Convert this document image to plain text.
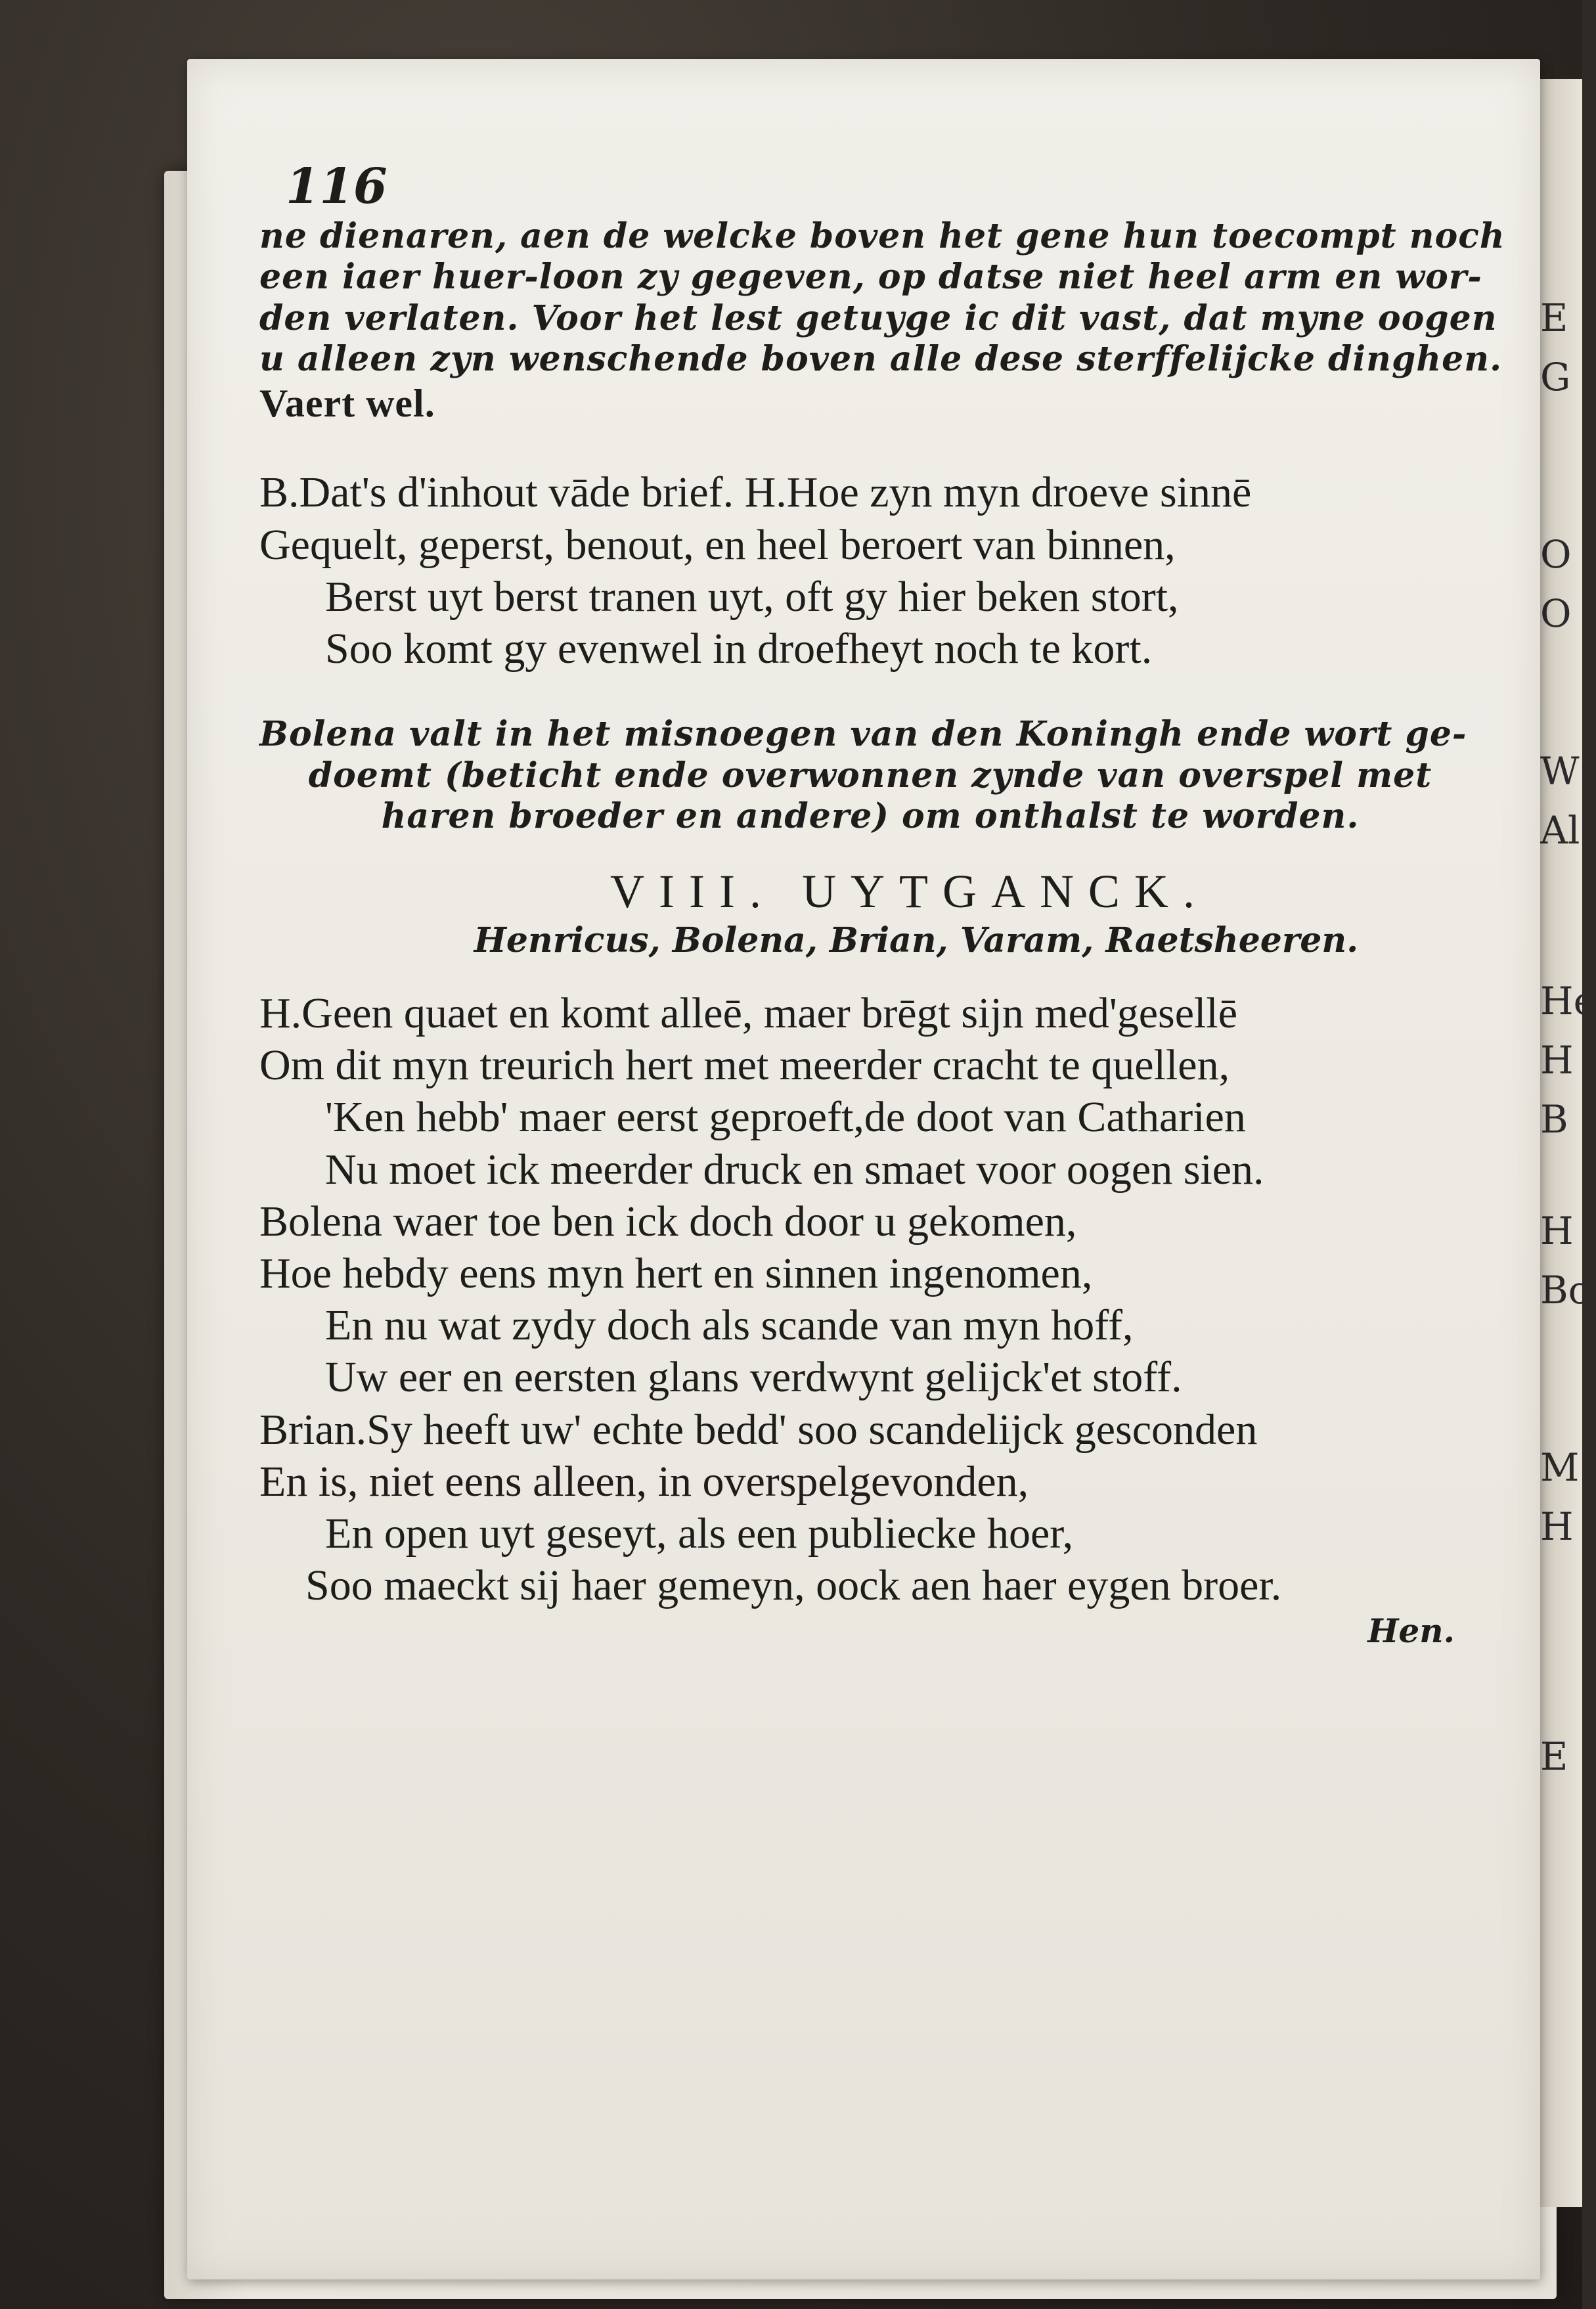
E
G
O
O
W
Al
He
H
B
H
Bo
M
H
E
116
ne dienaren, aen de welcke boven het gene hun toecompt noch
een iaer huer-loon zy gegeven, op datse niet heel arm en wor-
den verlaten. Voor het lest getuyge ic dit vast, dat myne oogen
u alleen zyn wenschende boven alle dese sterffelijcke dinghen.
Vaert wel.
B.Dat's d'inhout vāde brief. H.Hoe zyn myn droeve sinnē
Gequelt, geperst, benout, en heel beroert van binnen,
Berst uyt berst tranen uyt, oft gy hier beken stort,
Soo komt gy evenwel in droefheyt noch te kort.
Bolena valt in het misnoegen van den Koningh ende wort ge-
doemt (beticht ende overwonnen zynde van overspel met
haren broeder en andere) om onthalst te worden.
VIII. UYTGANCK.
Henricus, Bolena, Brian, Varam, Raetsheeren.
H.Geen quaet en komt alleē, maer brēgt sijn med'gesellē
Om dit myn treurich hert met meerder cracht te quellen,
'Ken hebb' maer eerst geproeft,de doot van Catharien
Nu moet ick meerder druck en smaet voor oogen sien.
Bolena waer toe ben ick doch door u gekomen,
Hoe hebdy eens myn hert en sinnen ingenomen,
En nu wat zydy doch als scande van myn hoff,
Uw eer en eersten glans verdwynt gelijck'et stoff.
Brian.Sy heeft uw' echte bedd' soo scandelijck gesconden
En is, niet eens alleen, in overspelgevonden,
En open uyt geseyt, als een publiecke hoer,
Soo maeckt sij haer gemeyn, oock aen haer eygen broer.
Hen.
